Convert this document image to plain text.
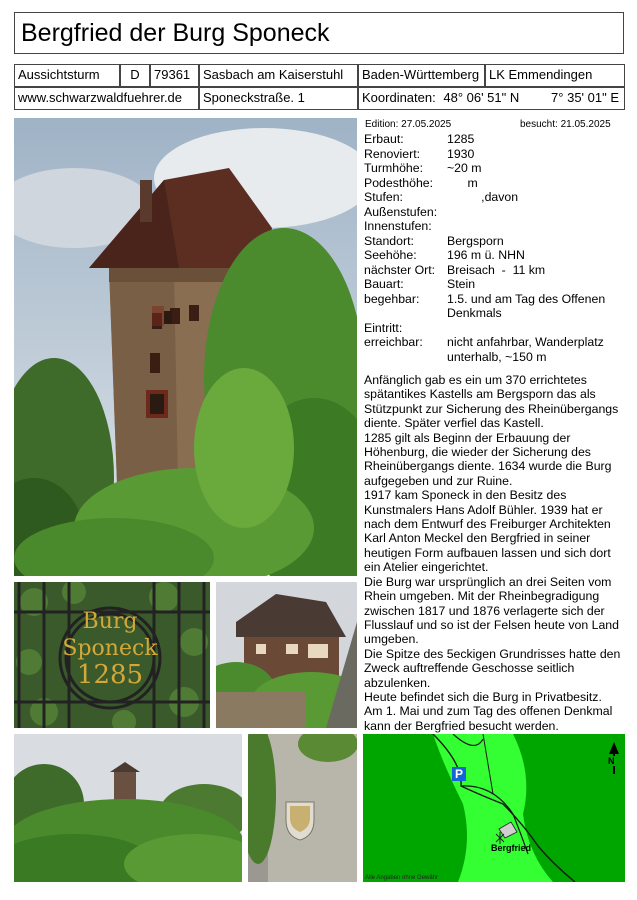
Bergfried der Burg Sponeck
Aussichtsturm	D	79361 Sasbach am Kaiserstuhl	Baden-Württemberg LK Emmendingen
www.schwarzwaldfuehrer.de	Sponeckstraße. 1	Koordinaten: 48° 06' 51" N 7° 35' 01" E
Burg
Sponeck
1285
Edition: 27.05.2025	besucht: 21.05.2025
Erbaut:	1285
Renoviert:	1930
Turmhöhe:	~20 m
Podesthöhe:	m
Stufen:	,davon
Außenstufen:
Innenstufen:
Standort:	Bergsporn
Seehöhe:	196 m ü. NHN
nächster Ort: Breisach  -  11 km
Bauart:	Stein
begehbar:	1.5. und am Tag des Offenen Denkmals
Eintritt:
erreichbar:	nicht anfahrbar, Wanderplatz unterhalb, ~150 m

Anfänglich gab es ein um 370 errichtetes spätantikes Kastells am Bergsporn das als Stützpunkt zur Sicherung des Rheinübergangs diente. Später verfiel das Kastell.

1285 gilt als Beginn der Erbauung der Höhenburg, die wieder der Sicherung des Rheinübergangs diente. 1634 wurde die Burg aufgegeben und zur Ruine.

1917 kam Sponeck in den Besitz des Kunstmalers Hans Adolf Bühler. 1939 hat er nach dem Entwurf des Freiburger Architekten Karl Anton Meckel den Bergfried in seiner heutigen Form aufbauen lassen und sich dort ein Atelier eingerichtet.

Die Burg war ursprünglich an drei Seiten vom Rhein umgeben. Mit der Rheinbegradigung zwischen 1817 und 1876 verlagerte sich der Flusslauf und so ist der Felsen heute von Land umgeben.

Die Spitze des 5eckigen Grundrisses hatte den Zweck auftreffende Geschosse seitlich abzulenken.

Heute befindet sich die Burg in Privatbesitz.

Am 1. Mai und zum Tag des offenen Denkmal kann der Bergfried besucht werden.

P
N
Bergfried
Alle Angaben ohne Gewähr
